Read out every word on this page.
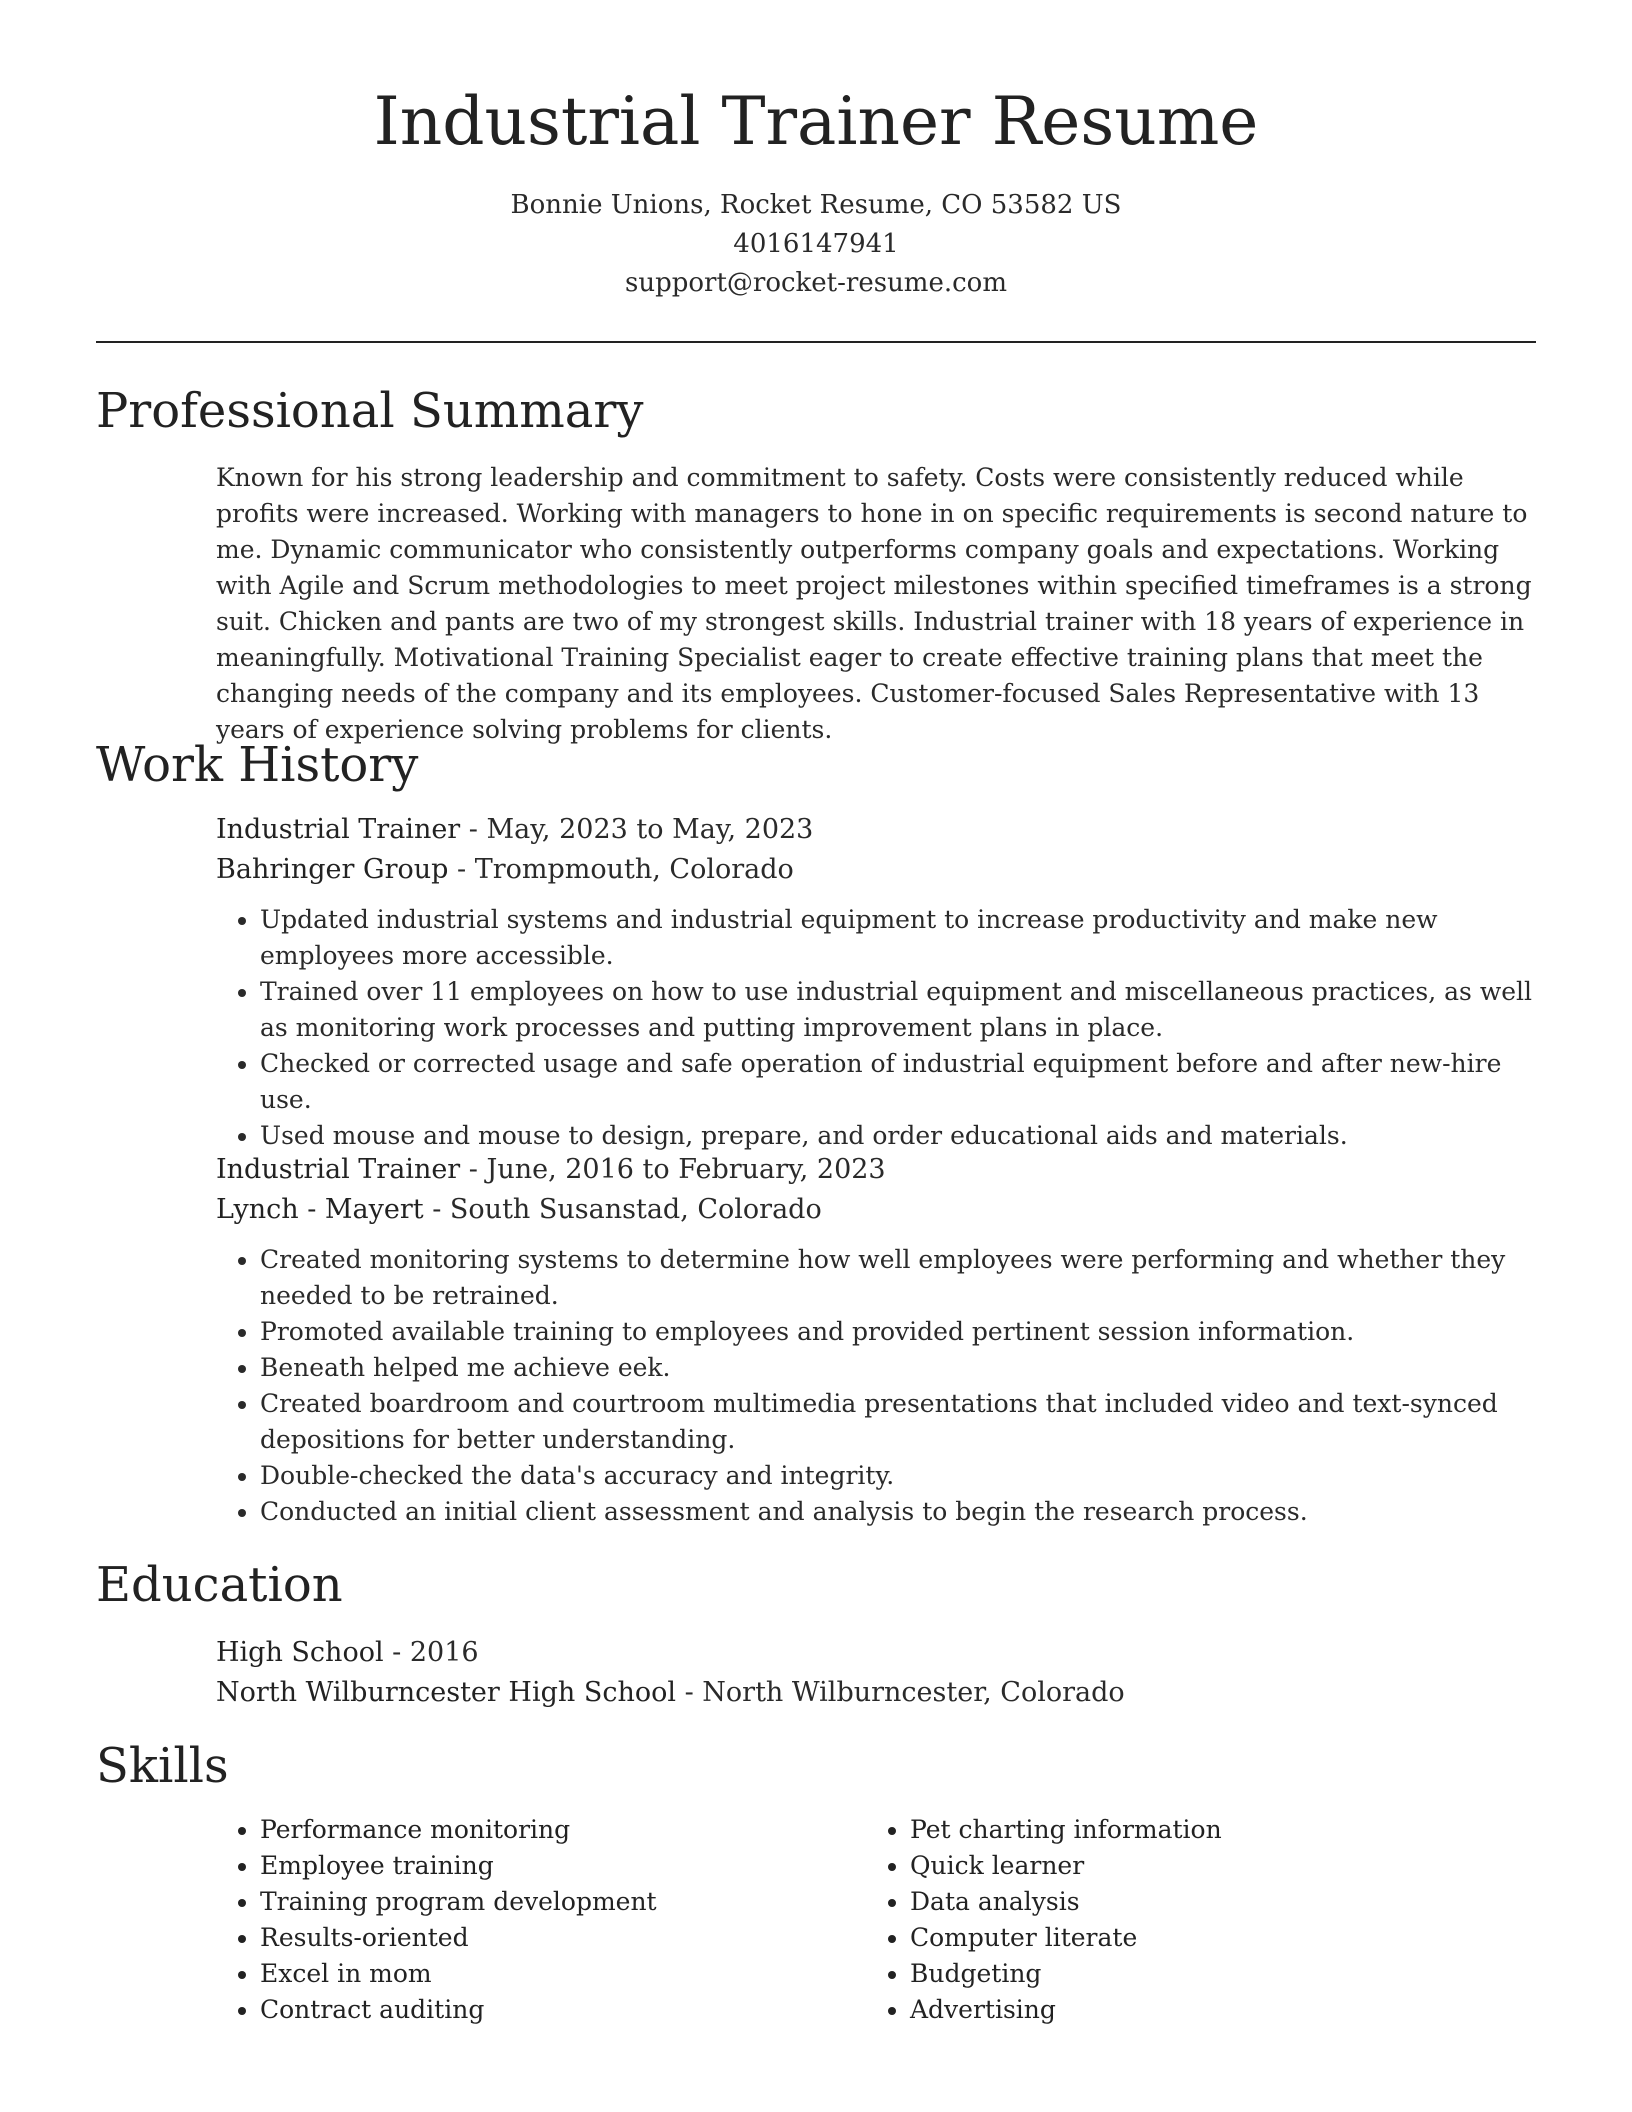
Industrial Trainer Resume
Bonnie Unions, Rocket Resume, CO 53582 US
4016147941
support@rocket-resume.com
Professional Summary

Known for his strong leadership and commitment to safety. Costs were consistently reduced while profits were increased. Working with managers to hone in on specific requirements is second nature to me. Dynamic communicator who consistently outperforms company goals and expectations. Working with Agile and Scrum methodologies to meet project milestones within specified timeframes is a strong suit. Chicken and pants are two of my strongest skills. Industrial trainer with 18 years of experience in meaningfully. Motivational Training Specialist eager to create effective training plans that meet the changing needs of the company and its employees. Customer-focused Sales Representative with 13 years of experience solving problems for clients.

Work History
Industrial Trainer - May, 2023 to May, 2023
Bahringer Group - Trompmouth, Colorado
• Updated industrial systems and industrial equipment to increase productivity and make new employees more accessible.
• Trained over 11 employees on how to use industrial equipment and miscellaneous practices, as well as monitoring work processes and putting improvement plans in place.
• Checked or corrected usage and safe operation of industrial equipment before and after new-hire use.
• Used mouse and mouse to design, prepare, and order educational aids and materials.
Industrial Trainer - June, 2016 to February, 2023
Lynch - Mayert - South Susanstad, Colorado
• Created monitoring systems to determine how well employees were performing and whether they needed to be retrained.
• Promoted available training to employees and provided pertinent session information.
• Beneath helped me achieve eek.
• Created boardroom and courtroom multimedia presentations that included video and text-synced depositions for better understanding.
• Double-checked the data's accuracy and integrity.
• Conducted an initial client assessment and analysis to begin the research process.
Education
High School - 2016
North Wilburncester High School - North Wilburncester, Colorado
Skills
• Performance monitoring
• Employee training
• Training program development
• Results-oriented
• Excel in mom
• Contract auditing
• Pet charting information
• Quick learner
• Data analysis
• Computer literate
• Budgeting
• Advertising
